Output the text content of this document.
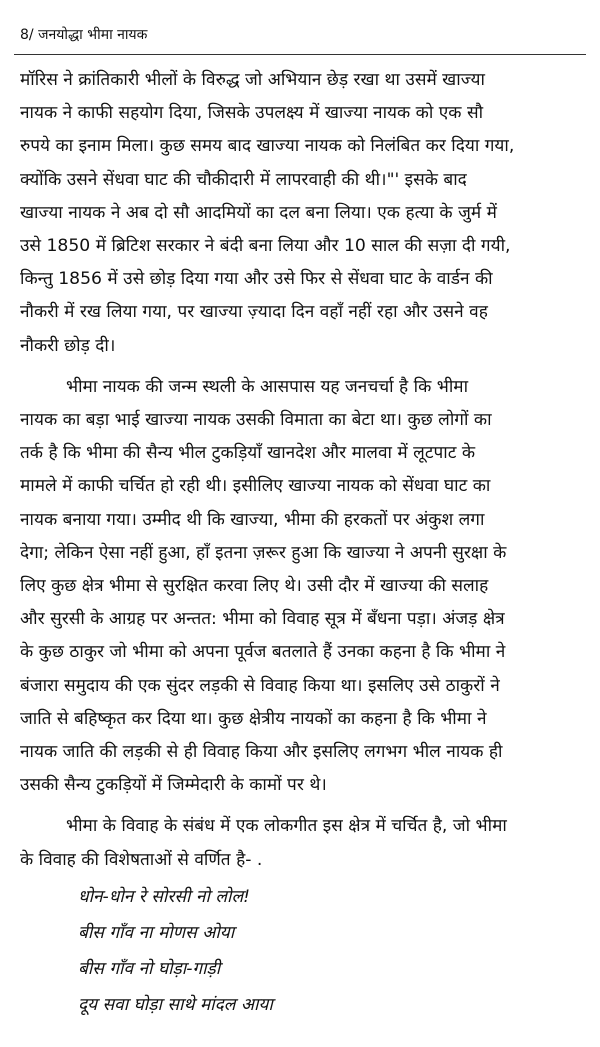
8/ जनयोद्धा भीमा नायक

मॉरिस ने क्रांतिकारी भीलों के विरुद्ध जो अभियान छेड़ रखा था उसमें खाज्या
नायक ने काफी सहयोग दिया, जिसके उपलक्ष्य में खाज्या नायक को एक सौ
रुपये का इनाम मिला। कुछ समय बाद खाज्या नायक को निलंबित कर दिया गया,
क्योंकि उसने सेंधवा घाट की चौकीदारी में लापरवाही की थी।"' इसके बाद
खाज्या नायक ने अब दो सौ आदमियों का दल बना लिया। एक हत्या के जुर्म में
उसे 1850 में ब्रिटिश सरकार ने बंदी बना लिया और 10 साल की सज़ा दी गयी,
किन्तु 1856 में उसे छोड़ दिया गया और उसे फिर से सेंधवा घाट के वार्डन की
नौकरी में रख लिया गया, पर खाज्या ज़्यादा दिन वहाँ नहीं रहा और उसने वह
नौकरी छोड़ दी।

भीमा नायक की जन्म स्थली के आसपास यह जनचर्चा है कि भीमा
नायक का बड़ा भाई खाज्या नायक उसकी विमाता का बेटा था। कुछ लोगों का
तर्क है कि भीमा की सैन्य भील टुकड़ियाँ खानदेश और मालवा में लूटपाट के
मामले में काफी चर्चित हो रही थी। इसीलिए खाज्या नायक को सेंधवा घाट का
नायक बनाया गया। उम्मीद थी कि खाज्या, भीमा की हरकतों पर अंकुश लगा
देगा; लेकिन ऐसा नहीं हुआ, हाँ इतना ज़रूर हुआ कि खाज्या ने अपनी सुरक्षा के
लिए कुछ क्षेत्र भीमा से सुरक्षित करवा लिए थे। उसी दौर में खाज्या की सलाह
और सुरसी के आग्रह पर अन्तत: भीमा को विवाह सूत्र में बँधना पड़ा। अंजड़ क्षेत्र
के कुछ ठाकुर जो भीमा को अपना पूर्वज बतलाते हैं उनका कहना है कि भीमा ने
बंजारा समुदाय की एक सुंदर लड़की से विवाह किया था। इसलिए उसे ठाकुरों ने
जाति से बहिष्कृत कर दिया था। कुछ क्षेत्रीय नायकों का कहना है कि भीमा ने
नायक जाति की लड़की से ही विवाह किया और इसलिए लगभग भील नायक ही
उसकी सैन्य टुकड़ियों में जिम्मेदारी के कामों पर थे।

भीमा के विवाह के संबंध में एक लोकगीत इस क्षेत्र में चर्चित है, जो भीमा
के विवाह की विशेषताओं से वर्णित है- .

धोन-धोन रे सोरसी नो लोल!
बीस गाँव ना मोणस ओया
बीस गाँव नो घोड़ा-गाड़ी
दूय सवा घोड़ा साथे मांदल आया
